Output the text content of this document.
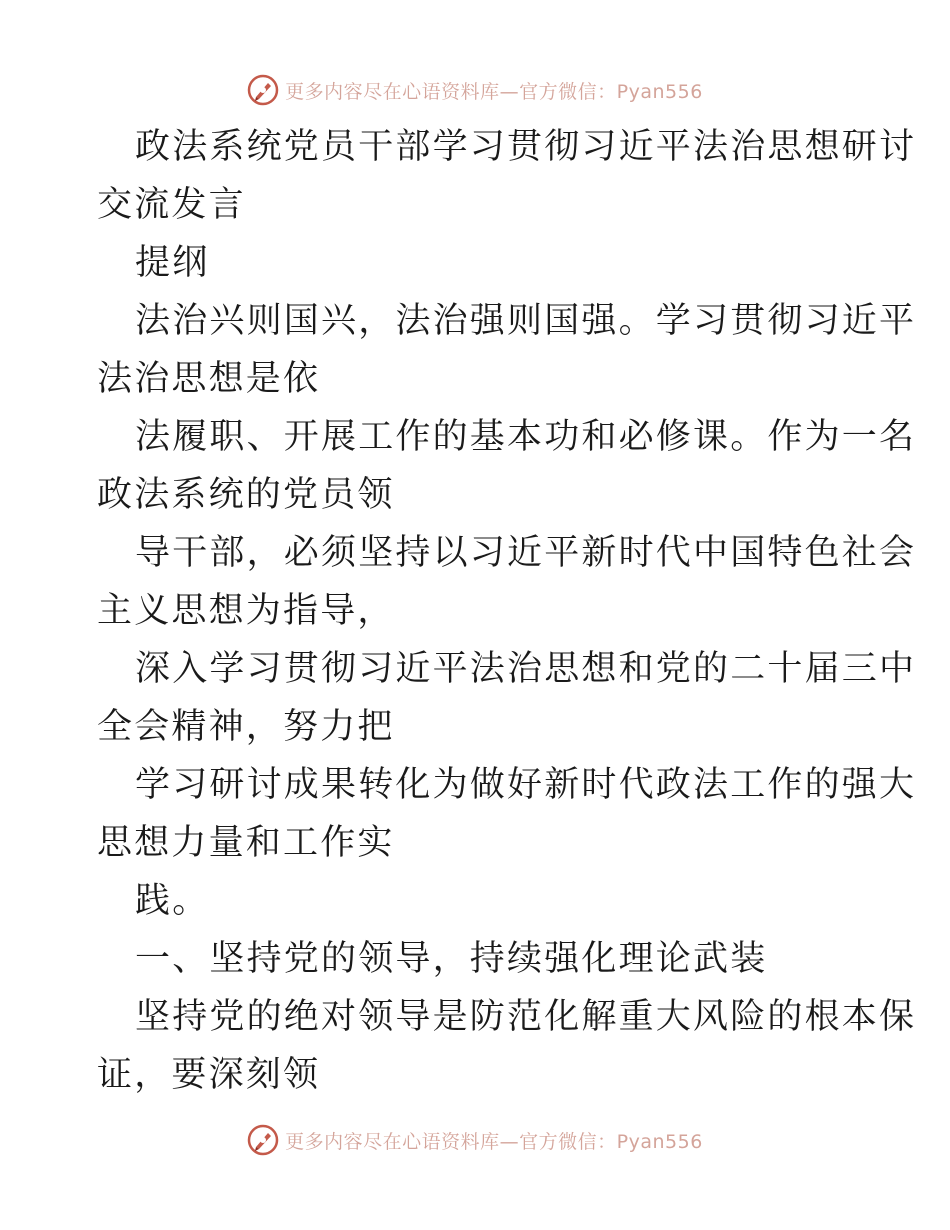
更多内容尽在心语资料库—官方微信：Pyan556
政法系统党员干部学习贯彻习近平法治思想研讨
交流发言
提纲
法治兴则国兴，法治强则国强。学习贯彻习近平
法治思想是依
法履职、开展工作的基本功和必修课。作为一名
政法系统的党员领
导干部，必须坚持以习近平新时代中国特色社会
主义思想为指导，
深入学习贯彻习近平法治思想和党的二十届三中
全会精神，努力把
学习研讨成果转化为做好新时代政法工作的强大
思想力量和工作实
践。
一、坚持党的领导，持续强化理论武装
坚持党的绝对领导是防范化解重大风险的根本保
证，要深刻领
更多内容尽在心语资料库—官方微信：Pyan556
